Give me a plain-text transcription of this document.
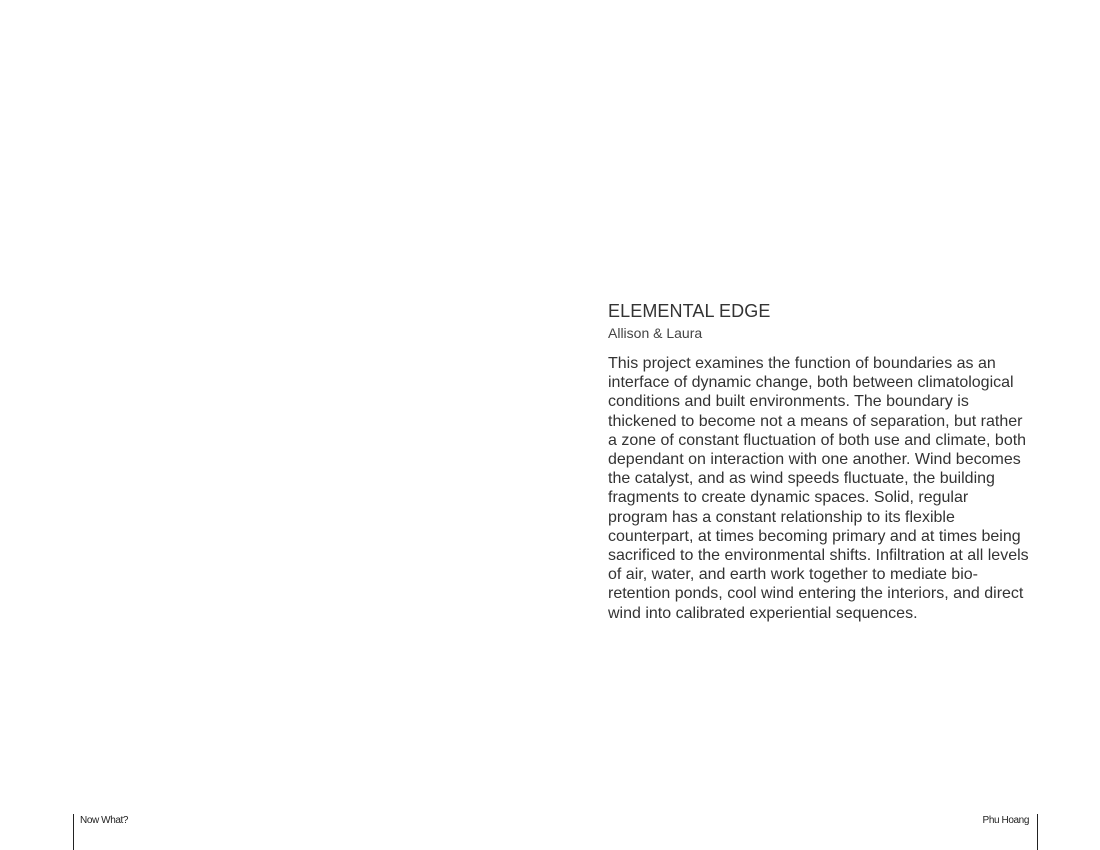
ELEMENTAL EDGE
Allison & Laura

This project examines the function of boundaries as an
interface of dynamic change, both between climatological
conditions and built environments. The boundary is
thickened to become not a means of separation, but rather
a zone of constant fluctuation of both use and climate, both
dependant on interaction with one another. Wind becomes
the catalyst, and as wind speeds fluctuate, the building
fragments to create dynamic spaces. Solid, regular
program has a constant relationship to its flexible
counterpart, at times becoming primary and at times being
sacrificed to the environmental shifts. Infiltration at all levels
of air, water, and earth work together to mediate bio-
retention ponds, cool wind entering the interiors, and direct
wind into calibrated experiential sequences.

Now What?	Phu Hoang
